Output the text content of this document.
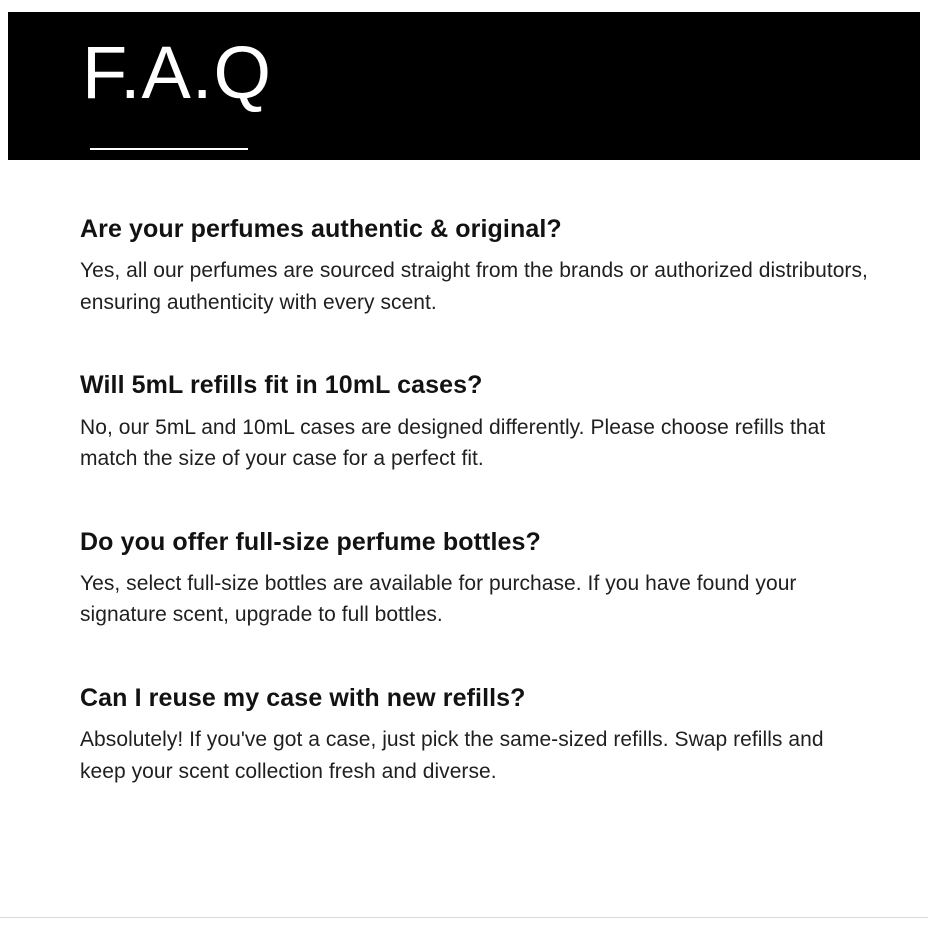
F.A.Q
Are your perfumes authentic & original?

Yes, all our perfumes are sourced straight from the brands or authorized distributors, ensuring authenticity with every scent.

Will 5mL refills fit in 10mL cases?

No, our 5mL and 10mL cases are designed differently. Please choose refills that match the size of your case for a perfect fit.

Do you offer full-size perfume bottles?

Yes, select full-size bottles are available for purchase. If you have found your signature scent, upgrade to full bottles.

Can I reuse my case with new refills?

Absolutely! If you've got a case, just pick the same-sized refills. Swap refills and keep your scent collection fresh and diverse.
